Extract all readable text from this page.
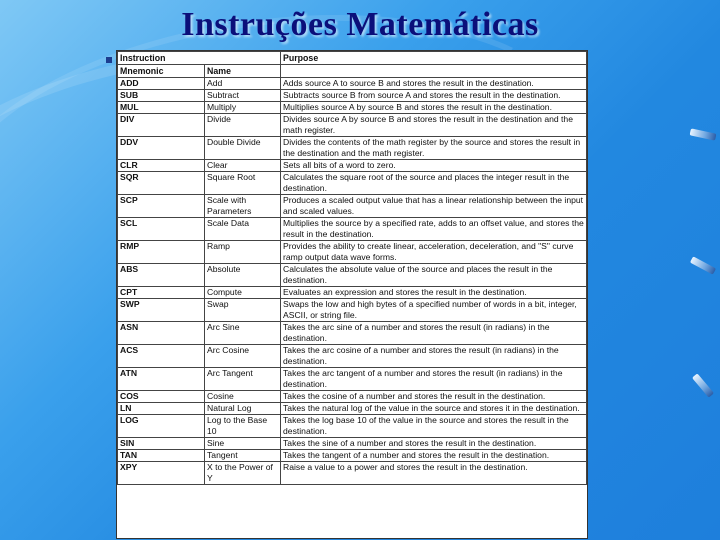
Instruções Matemáticas
Instruction		Purpose
Mnemonic	Name	
ADD	Add	Adds source A to source B and stores the result in the destination.
SUB	Subtract	Subtracts source B from source A and stores the result in the destination.
MUL	Multiply	Multiplies source A by source B and stores the result in the destination.
DIV	Divide	Divides source A by source B and stores the result in the destination and the math register.
DDV	Double Divide	Divides the contents of the math register by the source and stores the result in the destination and the math register.
CLR	Clear	Sets all bits of a word to zero.
SQR	Square Root	Calculates the square root of the source and places the integer result in the destination.
SCP	Scale with Parameters	Produces a scaled output value that has a linear relationship between the input and scaled values.
SCL	Scale Data	Multiplies the source by a specified rate, adds to an offset value, and stores the result in the destination.
RMP	Ramp	Provides the ability to create linear, acceleration, deceleration, and "S" curve ramp output data wave forms.
ABS	Absolute	Calculates the absolute value of the source and places the result in the destination.
CPT	Compute	Evaluates an expression and stores the result in the destination.
SWP	Swap	Swaps the low and high bytes of a specified number of words in a bit, integer, ASCII, or string file.
ASN	Arc Sine	Takes the arc sine of a number and stores the result (in radians) in the destination.
ACS	Arc Cosine	Takes the arc cosine of a number and stores the result (in radians) in the destination.
ATN	Arc Tangent	Takes the arc tangent of a number and stores the result (in radians) in the destination.
COS	Cosine	Takes the cosine of a number and stores the result in the destination.
LN	Natural Log	Takes the natural log of the value in the source and stores it in the destination.
LOG	Log to the Base 10	Takes the log base 10 of the value in the source and stores the result in the destination.
SIN	Sine	Takes the sine of a number and stores the result in the destination.
TAN	Tangent	Takes the tangent of a number and stores the result in the destination.
XPY	X to the Power of Y	Raise a value to a power and stores the result in the destination.
